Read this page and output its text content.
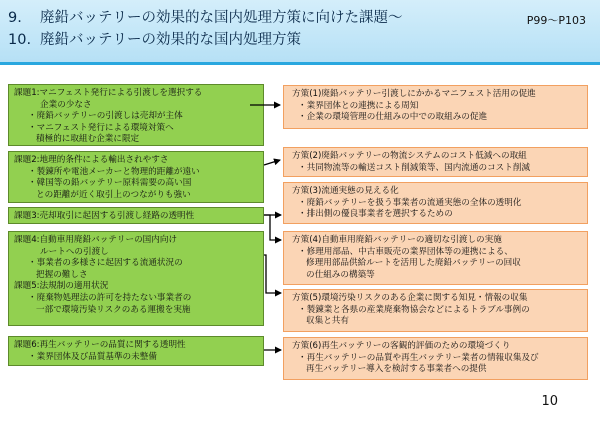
9. 廃鉛バッテリーの効果的な国内処理方策に向けた課題～
10. 廃鉛バッテリーの効果的な国内処理方策
P99～P103
課題1:マニフェスト発行による引渡しを選択する
企業の少なさ
・廃鉛バッテリーの引渡しは売却が主体
・マニフェスト発行による環境対策へ
積極的に取組む企業に限定
課題2:地理的条件による輸出されやすさ
・製錬所や電池メーカーと物理的距離が遠い
・韓国等の鉛バッテリー原料需要の高い国
との距離が近く取引上のつながりも強い
課題3:売却取引に起因する引渡し経路の透明性
課題4:自動車用廃鉛バッテリーの国内向け
ルートへの引渡し
・事業者の多様さに起因する流通状況の
把握の難しさ
課題5:法規制の適用状況
・廃棄物処理法の許可を持たない事業者の
一部で環境汚染リスクのある運搬を実施
課題6:再生バッテリーの品質に関する透明性
・業界団体及び品質基準の未整備
方策(1)廃鉛バッテリー引渡しにかかるマニフェスト活用の促進
・業界団体との連携による周知
・企業の環境管理の仕組みの中での取組みの促進
方策(2)廃鉛バッテリーの物流システムのコスト低減への取組
・共同物流等の輸送コスト削減策等、国内流通のコスト削減
方策(3)流通実態の見える化
・廃鉛バッテリーを扱う事業者の流通実態の全体の透明化
・排出側の優良事業者を選択するための
方策(4)自動車用廃鉛バッテリーの適切な引渡しの実施
・修理用部品、中古車販売の業界団体等の連携による、
修理用部品供給ルートを活用した廃鉛バッテリーの回収
の仕組みの構築等
方策(5)環境汚染リスクのある企業に関する知見・情報の収集
・製錬業と各県の産業廃棄物協会などによるトラブル事例の
収集と共有
方策(6)再生バッテリーの客観的評価のための環境づくり
・再生バッテリーの品質や再生バッテリー業者の情報収集及び
再生バッテリー導入を検討する事業者への提供
10
